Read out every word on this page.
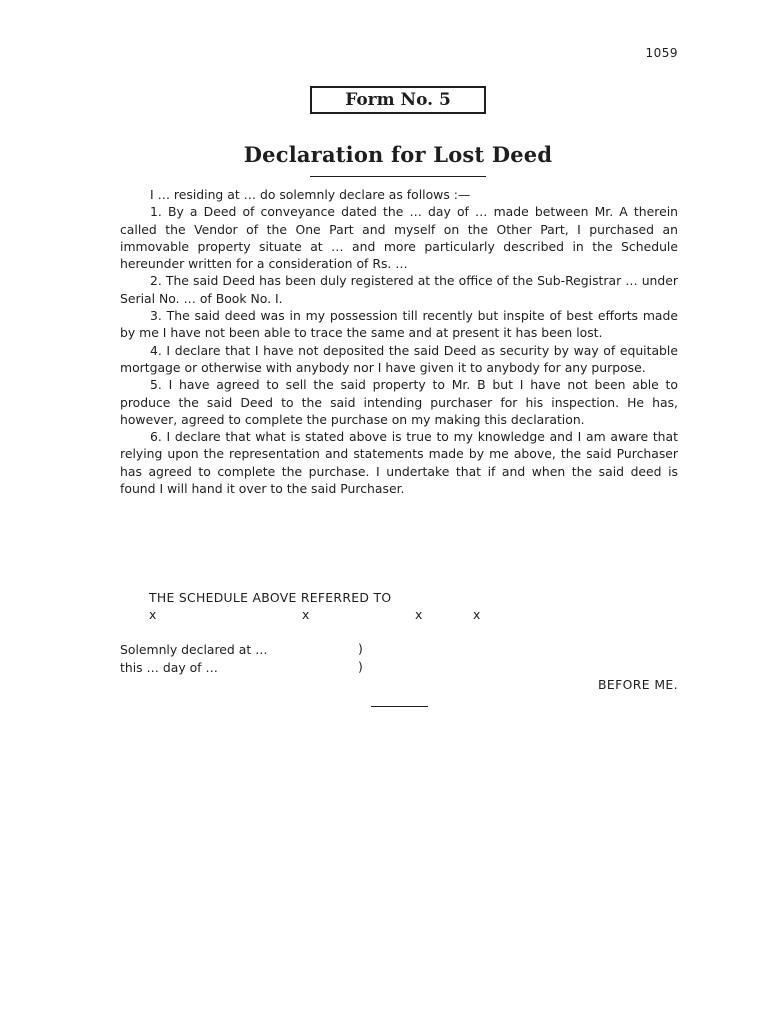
1059
Form No. 5
Declaration for Lost Deed

I … residing at … do solemnly declare as follows :—

1. By a Deed of conveyance dated the … day of … made between Mr. A therein called the Vendor of the One Part and myself on the Other Part, I purchased an immovable property situate at … and more particularly described in the Schedule hereunder written for a consideration of Rs. …

2. The said Deed has been duly registered at the office of the Sub-Registrar … under Serial No. … of Book No. I.

3. The said deed was in my possession till recently but inspite of best efforts made by me I have not been able to trace the same and at present it has been lost.

4. I declare that I have not deposited the said Deed as security by way of equitable mortgage or otherwise with anybody nor I have given it to anybody for any purpose.

5. I have agreed to sell the said property to Mr. B but I have not been able to produce the said Deed to the said intending purchaser for his inspection. He has, however, agreed to complete the purchase on my making this declaration.

6. I declare that what is stated above is true to my knowledge and I am aware that relying upon the representation and statements made by me above, the said Purchaser has agreed to complete the purchase. I undertake that if and when the said deed is found I will hand it over to the said Purchaser.

THE SCHEDULE ABOVE REFERRED TO
x	x	x	x
Solemnly declared at …	)
this … day of …	)
BEFORE ME.
